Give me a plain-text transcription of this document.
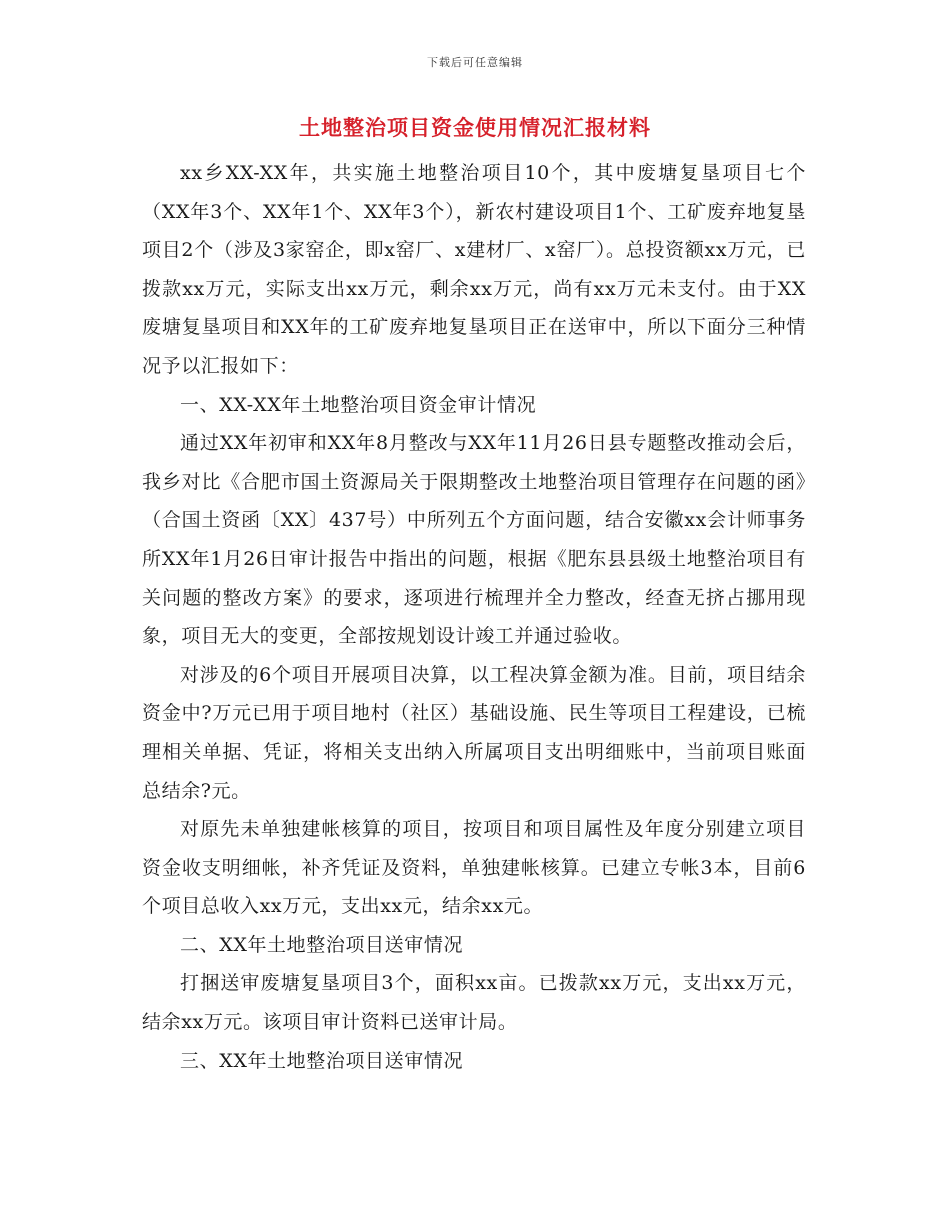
下载后可任意编辑
土地整治项目资金使用情况汇报材料

xx乡XX-XX年，共实施土地整治项目10个，其中废塘复垦项目七个（XX年3个、XX年1个、XX年3个），新农村建设项目1个、工矿废弃地复垦项目2个（涉及3家窑企，即x窑厂、x建材厂、x窑厂）。总投资额xx万元，已拨款xx万元，实际支出xx万元，剩余xx万元，尚有xx万元未支付。由于XX废塘复垦项目和XX年的工矿废弃地复垦项目正在送审中，所以下面分三种情况予以汇报如下：

一、XX-XX年土地整治项目资金审计情况

通过XX年初审和XX年8月整改与XX年11月26日县专题整改推动会后，我乡对比《合肥市国土资源局关于限期整改土地整治项目管理存在问题的函》（合国土资函〔XX〕437号）中所列五个方面问题，结合安徽xx会计师事务所XX年1月26日审计报告中指出的问题，根据《肥东县县级土地整治项目有关问题的整改方案》的要求，逐项进行梳理并全力整改，经查无挤占挪用现象，项目无大的变更，全部按规划设计竣工并通过验收。

对涉及的6个项目开展项目决算，以工程决算金额为准。目前，项目结余资金中?万元已用于项目地村（社区）基础设施、民生等项目工程建设，已梳理相关单据、凭证，将相关支出纳入所属项目支出明细账中，当前项目账面总结余?元。

对原先未单独建帐核算的项目，按项目和项目属性及年度分别建立项目资金收支明细帐，补齐凭证及资料，单独建帐核算。已建立专帐3本，目前6个项目总收入xx万元，支出xx元，结余xx元。

二、XX年土地整治项目送审情况

打捆送审废塘复垦项目3个，面积xx亩。已拨款xx万元，支出xx万元，结余xx万元。该项目审计资料已送审计局。

三、XX年土地整治项目送审情况
